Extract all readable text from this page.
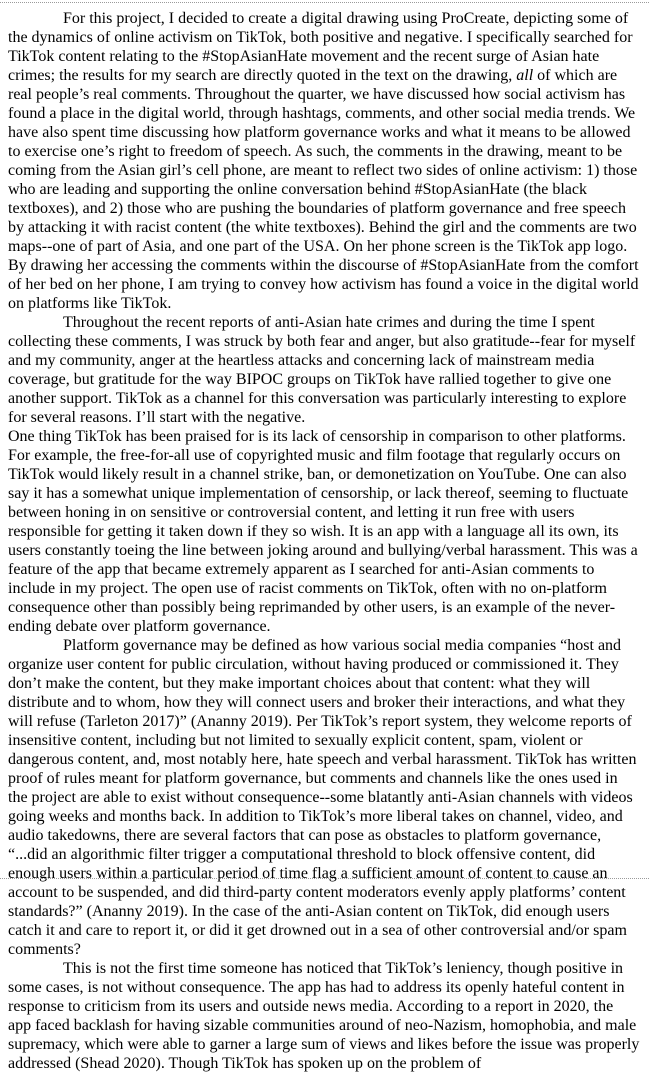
For this project, I decided to create a digital drawing using ProCreate, depicting some of the dynamics of online activism on TikTok, both positive and negative. I specifically searched for TikTok content relating to the #StopAsianHate movement and the recent surge of Asian hate crimes; the results for my search are directly quoted in the text on the drawing, all of which are real people’s real comments. Throughout the quarter, we have discussed how social activism has found a place in the digital world, through hashtags, comments, and other social media trends. We have also spent time discussing how platform governance works and what it means to be allowed to exercise one’s right to freedom of speech. As such, the comments in the drawing, meant to be coming from the Asian girl’s cell phone, are meant to reflect two sides of online activism: 1) those who are leading and supporting the online conversation behind #StopAsianHate (the black textboxes), and 2) those who are pushing the boundaries of platform governance and free speech by attacking it with racist content (the white textboxes). Behind the girl and the comments are two maps--one of part of Asia, and one part of the USA. On her phone screen is the TikTok app logo. By drawing her accessing the comments within the discourse of #StopAsianHate from the comfort of her bed on her phone, I am trying to convey how activism has found a voice in the digital world on platforms like TikTok.

Throughout the recent reports of anti-Asian hate crimes and during the time I spent collecting these comments, I was struck by both fear and anger, but also gratitude--fear for myself and my community, anger at the heartless attacks and concerning lack of mainstream media coverage, but gratitude for the way BIPOC groups on TikTok have rallied together to give one another support. TikTok as a channel for this conversation was particularly interesting to explore for several reasons. I’ll start with the negative.

One thing TikTok has been praised for is its lack of censorship in comparison to other platforms. For example, the free-for-all use of copyrighted music and film footage that regularly occurs on TikTok would likely result in a channel strike, ban, or demonetization on YouTube. One can also say it has a somewhat unique implementation of censorship, or lack thereof, seeming to fluctuate between honing in on sensitive or controversial content, and letting it run free with users responsible for getting it taken down if they so wish. It is an app with a language all its own, its users constantly toeing the line between joking around and bullying/verbal harassment. This was a feature of the app that became extremely apparent as I searched for anti-Asian comments to include in my project. The open use of racist comments on TikTok, often with no on-platform consequence other than possibly being reprimanded by other users, is an example of the never-ending debate over platform governance.

Platform governance may be defined as how various social media companies “host and organize user content for public circulation, without having produced or commissioned it. They don’t make the content, but they make important choices about that content: what they will distribute and to whom, how they will connect users and broker their interactions, and what they will refuse (Tarleton 2017)” (Ananny 2019). Per TikTok’s report system, they welcome reports of insensitive content, including but not limited to sexually explicit content, spam, violent or dangerous content, and, most notably here, hate speech and verbal harassment. TikTok has written proof of rules meant for platform governance, but comments and channels like the ones used in the project are able to exist without consequence--some blatantly anti-Asian channels with videos going weeks and months back. In addition to TikTok’s more liberal takes on channel, video, and audio takedowns, there are several factors that can pose as obstacles to platform governance, “...did an algorithmic filter trigger a computational threshold to block offensive content, did enough users within a particular period of time flag a sufficient amount of content to cause an account to be suspended, and did third-party content moderators evenly apply platforms’ content standards?” (Ananny 2019). In the case of the anti-Asian content on TikTok, did enough users catch it and care to report it, or did it get drowned out in a sea of other controversial and/or spam comments?

This is not the first time someone has noticed that TikTok’s leniency, though positive in some cases, is not without consequence. The app has had to address its openly hateful content in response to criticism from its users and outside news media. According to a report in 2020, the app faced backlash for having sizable communities around of neo-Nazism, homophobia, and male supremacy, which were able to garner a large sum of views and likes before the issue was properly addressed (Shead 2020). Though TikTok has spoken up on the problem of
